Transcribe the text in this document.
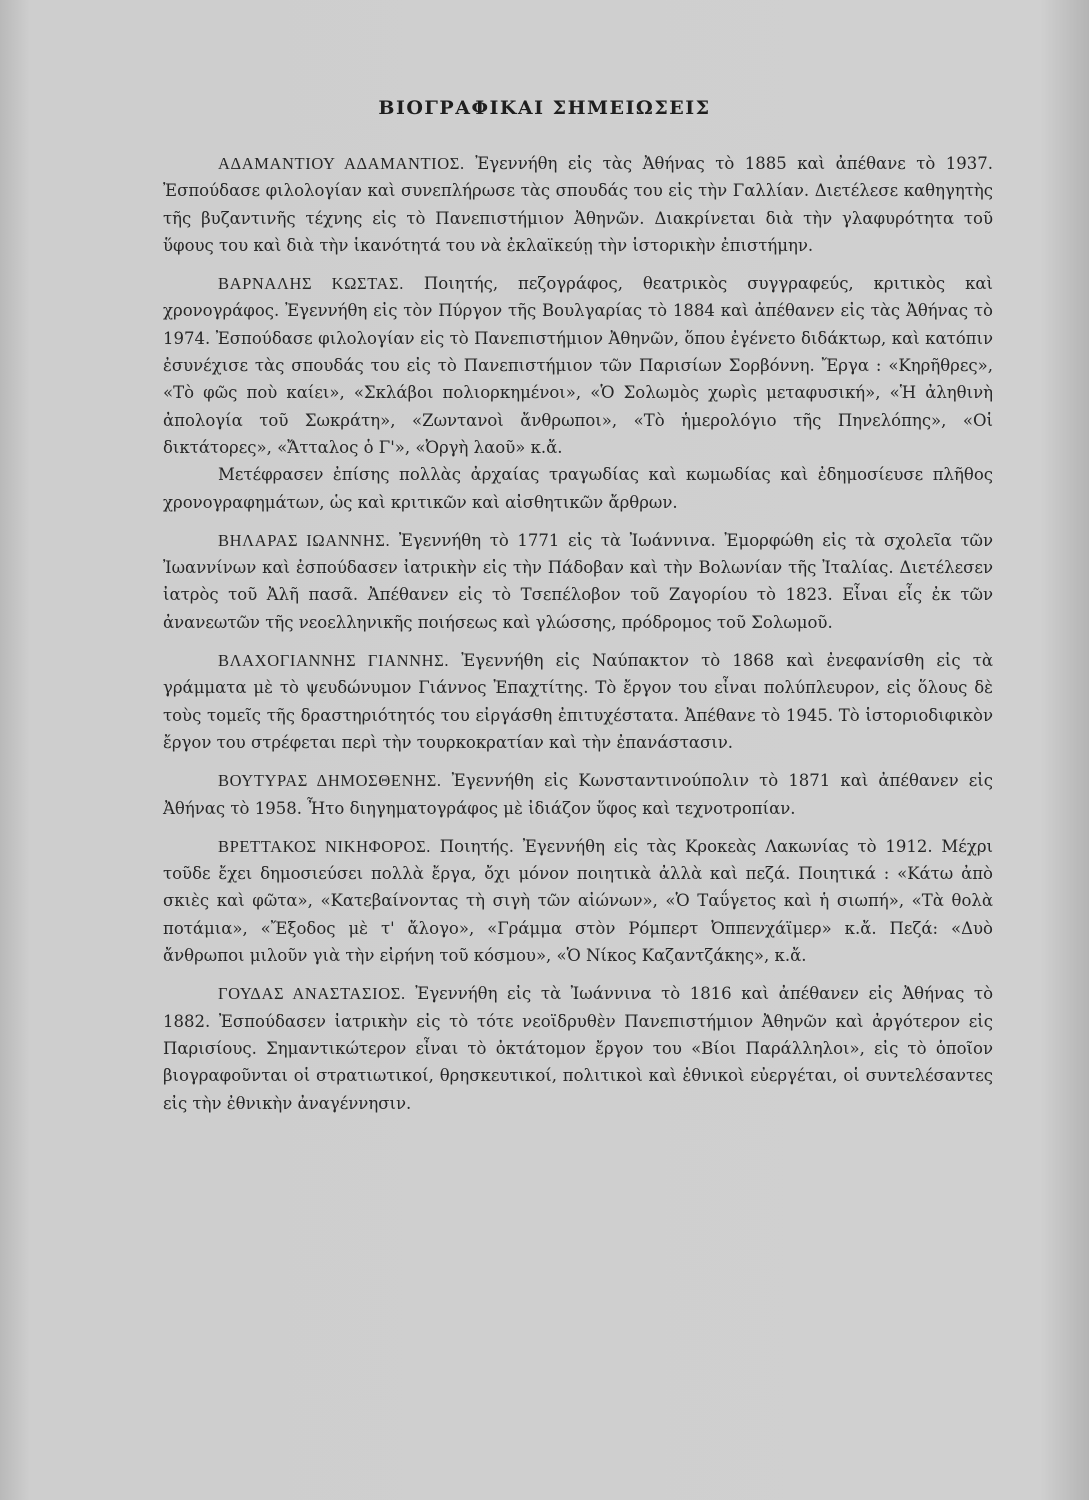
ΒΙΟΓΡΑΦΙΚΑΙ ΣΗΜΕΙΩΣΕΙΣ

ΑΔΑΜΑΝΤΙΟΥ ΑΔΑΜΑΝΤΙΟΣ. Ἐγεννήθη εἰς τὰς Ἀθήνας τὸ 1885 καὶ ἀπέθανε τὸ 1937. Ἐσπούδασε φιλολογίαν καὶ συνεπλήρωσε τὰς σπουδάς του εἰς τὴν Γαλλίαν. Διετέλεσε καθηγητὴς τῆς βυζαντινῆς τέχνης εἰς τὸ Πανεπιστήμιον Ἀθηνῶν. Διακρίνεται διὰ τὴν γλαφυρότητα τοῦ ὕφους του καὶ διὰ τὴν ἱκανότητά του νὰ ἐκλαϊκεύῃ τὴν ἱστορικὴν ἐπιστήμην.

ΒΑΡΝΑΛΗΣ ΚΩΣΤΑΣ. Ποιητής, πεζογράφος, θεατρικὸς συγγραφεύς, κριτικὸς καὶ χρονογράφος. Ἐγεννήθη εἰς τὸν Πύργον τῆς Βουλγαρίας τὸ 1884 καὶ ἀπέθανεν εἰς τὰς Ἀθήνας τὸ 1974. Ἐσπούδασε φιλολογίαν εἰς τὸ Πανεπιστήμιον Ἀθηνῶν, ὅπου ἐγένετο διδάκτωρ, καὶ κατόπιν ἐσυνέχισε τὰς σπουδάς του εἰς τὸ Πανεπιστήμιον τῶν Παρισίων Σορβόννη. Ἔργα : «Κηρῆθρες», «Τὸ φῶς ποὺ καίει», «Σκλάβοι πολιορκημένοι», «Ὁ Σολωμὸς χωρὶς μεταφυσική», «Ἡ ἀληθινὴ ἀπολογία τοῦ Σωκράτη», «Ζωντανοὶ ἄνθρωποι», «Τὸ ἡμερολόγιο τῆς Πηνελόπης», «Οἱ δικτάτορες», «Ἄτταλος ὁ Γ'», «Ὀργὴ λαοῦ» κ.ἄ.

Μετέφρασεν ἐπίσης πολλὰς ἀρχαίας τραγωδίας καὶ κωμωδίας καὶ ἐδημοσίευσε πλῆθος χρονογραφημάτων, ὡς καὶ κριτικῶν καὶ αἰσθητικῶν ἄρθρων.

ΒΗΛΑΡΑΣ ΙΩΑΝΝΗΣ. Ἐγεννήθη τὸ 1771 εἰς τὰ Ἰωάννινα. Ἐμορφώθη εἰς τὰ σχολεῖα τῶν Ἰωαννίνων καὶ ἐσπούδασεν ἰατρικὴν εἰς τὴν Πάδοβαν καὶ τὴν Βολωνίαν τῆς Ἰταλίας. Διετέλεσεν ἰατρὸς τοῦ Ἀλῆ πασᾶ. Ἀπέθανεν εἰς τὸ Τσεπέλοβον τοῦ Ζαγορίου τὸ 1823. Εἶναι εἷς ἐκ τῶν ἀνανεωτῶν τῆς νεοελληνικῆς ποιήσεως καὶ γλώσσης, πρόδρομος τοῦ Σολωμοῦ.

ΒΛΑΧΟΓΙΑΝΝΗΣ ΓΙΑΝΝΗΣ. Ἐγεννήθη εἰς Ναύπακτον τὸ 1868 καὶ ἐνεφανίσθη εἰς τὰ γράμματα μὲ τὸ ψευδώνυμον Γιάννος Ἐπαχτίτης. Τὸ ἔργον του εἶναι πολύπλευρον, εἰς ὅλους δὲ τοὺς τομεῖς τῆς δραστηριότητός του εἰργάσθη ἐπιτυχέστατα. Ἀπέθανε τὸ 1945. Τὸ ἱστοριοδιφικὸν ἔργον του στρέφεται περὶ τὴν τουρκοκρατίαν καὶ τὴν ἐπανάστασιν.

ΒΟΥΤΥΡΑΣ ΔΗΜΟΣΘΕΝΗΣ. Ἐγεννήθη εἰς Κωνσταντινούπολιν τὸ 1871 καὶ ἀπέθανεν εἰς Ἀθήνας τὸ 1958. Ἦτο διηγηματογράφος μὲ ἰδιάζον ὕφος καὶ τεχνοτροπίαν.

ΒΡΕΤΤΑΚΟΣ ΝΙΚΗΦΟΡΟΣ. Ποιητής. Ἐγεννήθη εἰς τὰς Κροκεὰς Λακωνίας τὸ 1912. Μέχρι τοῦδε ἔχει δημοσιεύσει πολλὰ ἔργα, ὄχι μόνον ποιητικὰ ἀλλὰ καὶ πεζά. Ποιητικά : «Κάτω ἀπὸ σκιὲς καὶ φῶτα», «Κατεβαίνοντας τὴ σιγὴ τῶν αἰώνων», «Ὁ Ταΰγετος καὶ ἡ σιωπή», «Τὰ θολὰ ποτάμια», «Ἔξοδος μὲ τ' ἄλογο», «Γράμμα στὸν Ρόμπερτ Ὀππενχάϊμερ» κ.ἄ. Πεζά: «Δυὸ ἄνθρωποι μιλοῦν γιὰ τὴν εἰρήνη τοῦ κόσμου», «Ὁ Νίκος Καζαντζάκης», κ.ἄ.

ΓΟΥΔΑΣ ΑΝΑΣΤΑΣΙΟΣ. Ἐγεννήθη εἰς τὰ Ἰωάννινα τὸ 1816 καὶ ἀπέθανεν εἰς Ἀθήνας τὸ 1882. Ἐσπούδασεν ἰατρικὴν εἰς τὸ τότε νεοϊδρυθὲν Πανεπιστήμιον Ἀθηνῶν καὶ ἀργότερον εἰς Παρισίους. Σημαντικώτερον εἶναι τὸ ὀκτάτομον ἔργον του «Βίοι Παράλληλοι», εἰς τὸ ὁποῖον βιογραφοῦνται οἱ στρατιωτικοί, θρησκευτικοί, πολιτικοὶ καὶ ἐθνικοὶ εὐεργέται, οἱ συντελέσαντες εἰς τὴν ἐθνικὴν ἀναγέννησιν.
